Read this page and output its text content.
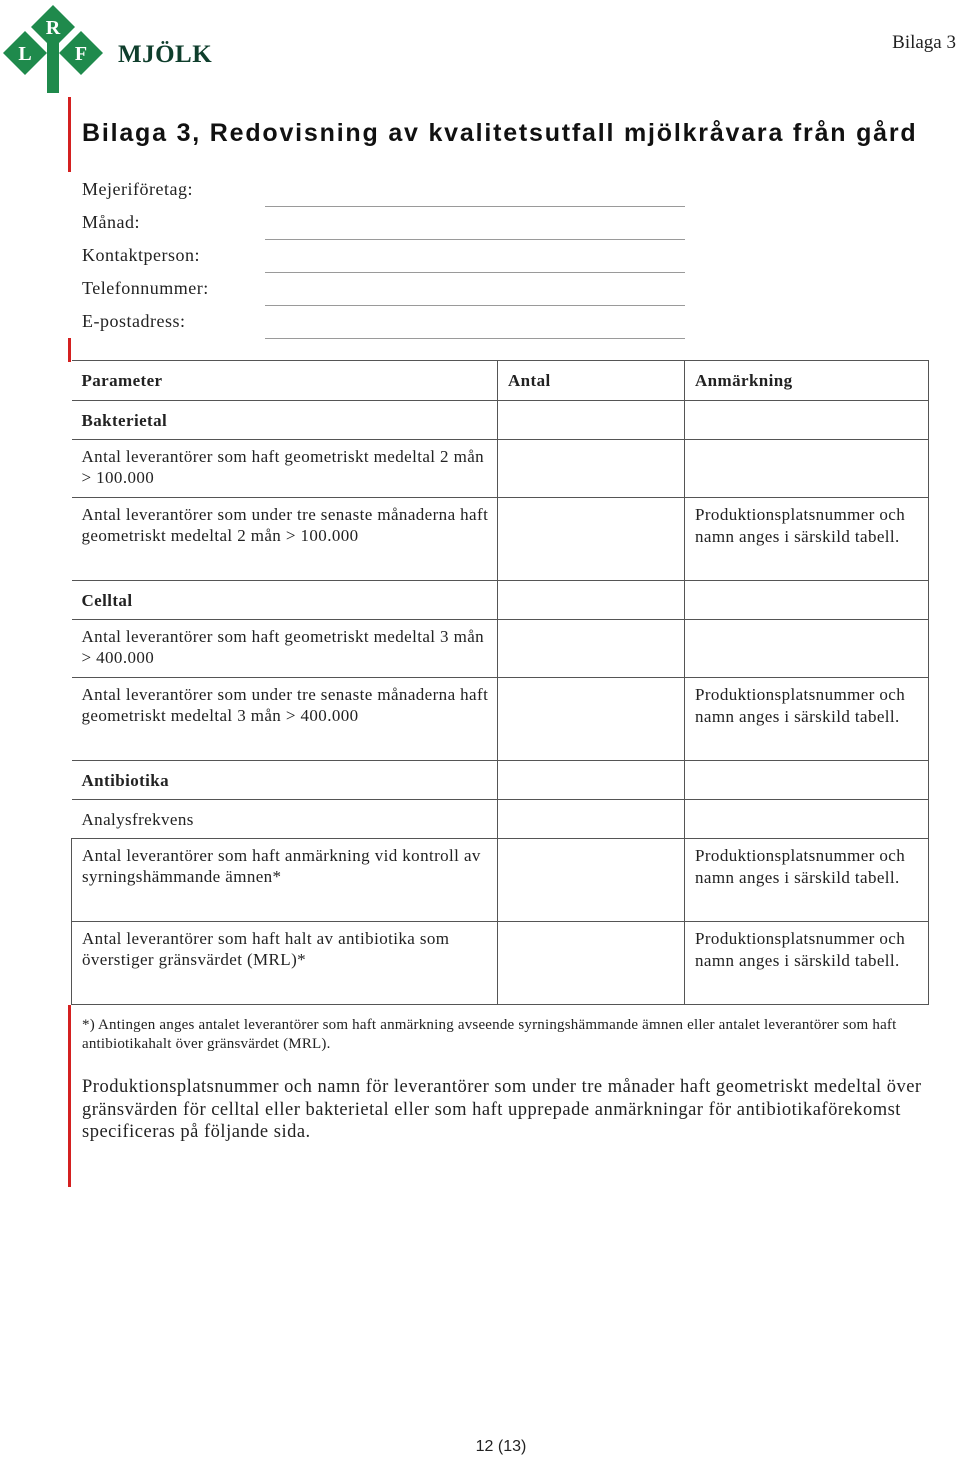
R
L F MJÖLK	Bilaga 3
Bilaga 3, Redovisning av kvalitetsutfall mjölkråvara från gård
Mejeriföretag:
Månad:
Kontaktperson:
Telefonnummer:
E-postadress:
Parameter	Antal	Anmärkning
Bakterietal		
Antal leverantörer som haft geometriskt medeltal 2 mån > 100.000		
Antal leverantörer som under tre senaste månaderna haft geometriskt medeltal 2 mån > 100.000		Produktionsplatsnummer och namn anges i särskild tabell.
Celltal		
Antal leverantörer som haft geometriskt medeltal 3 mån > 400.000		
Antal leverantörer som under tre senaste månaderna haft geometriskt medeltal 3 mån > 400.000		Produktionsplatsnummer och namn anges i särskild tabell.
Antibiotika		
Analysfrekvens		
Antal leverantörer som haft anmärkning vid kontroll av syrningshämmande ämnen*		Produktionsplatsnummer och namn anges i särskild tabell.
Antal leverantörer som haft halt av antibiotika som överstiger gränsvärdet (MRL)*		Produktionsplatsnummer och namn anges i särskild tabell.
*) Antingen anges antalet leverantörer som haft anmärkning avseende syrningshämmande ämnen eller antalet leverantörer som haft antibiotikahalt över gränsvärdet (MRL).
Produktionsplatsnummer och namn för leverantörer som under tre månader haft geometriskt medeltal över gränsvärden för celltal eller bakterietal eller som haft upprepade anmärkningar för antibiotikaförekomst specificeras på följande sida.
12 (13)
